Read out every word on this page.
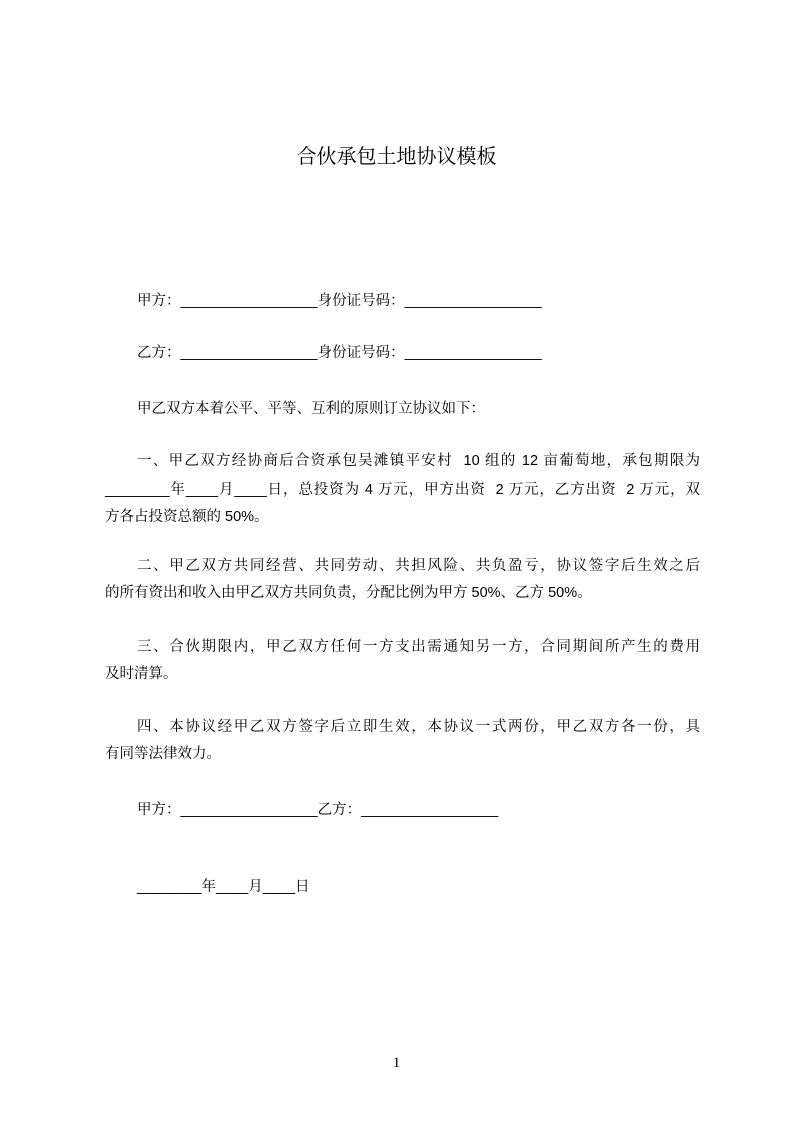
合伙承包土地协议模板
甲方：_________________身份证号码：_________________
乙方：_________________身份证号码：_________________
甲乙双方本着公平、平等、互利的原则订立协议如下：
一、甲乙双方经协商后合资承包吴滩镇平安村  10 组的 12 亩葡萄地，承包期限为
________年____月____日，总投资为 4 万元，甲方出资  2 万元，乙方出资  2 万元，双
方各占投资总额的 50%。
二、甲乙双方共同经营、共同劳动、共担风险、共负盈亏，协议签字后生效之后
的所有资出和收入由甲乙双方共同负责，分配比例为甲方 50%、乙方 50%。
三、合伙期限内，甲乙双方任何一方支出需通知另一方，合同期间所产生的费用
及时清算。
四、本协议经甲乙双方签字后立即生效，本协议一式两份，甲乙双方各一份，具
有同等法律效力。
甲方：_________________乙方：_________________
________年____月____日
1
